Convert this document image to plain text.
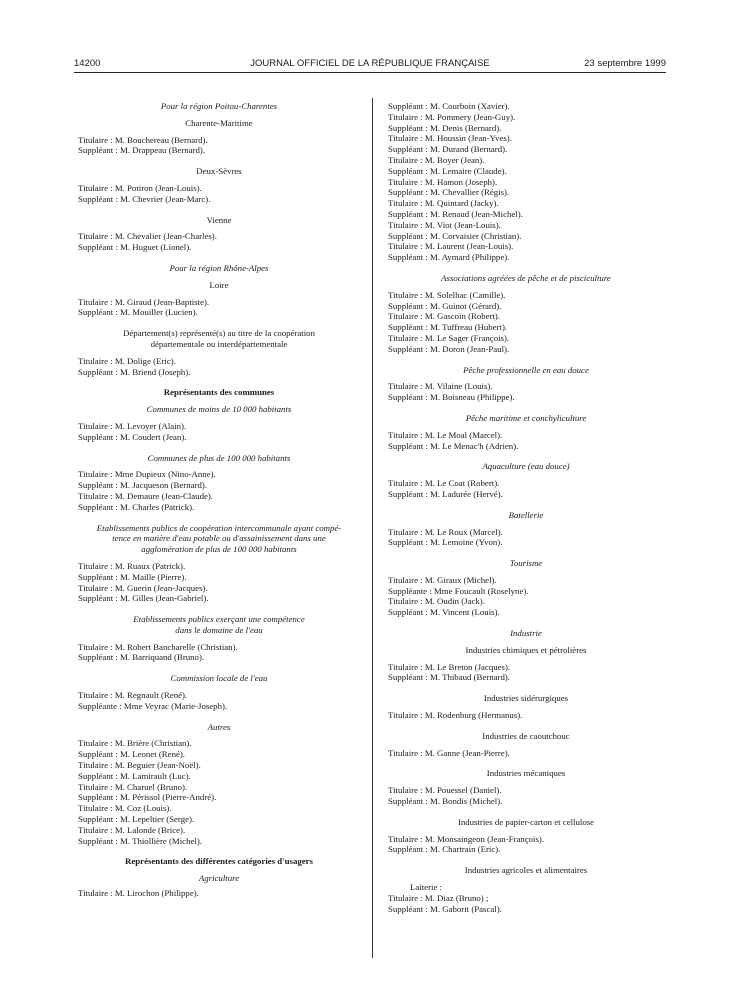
14200	JOURNAL OFFICIEL DE LA RÉPUBLIQUE FRANÇAISE	23 septembre 1999
Pour la région Poitou-Charentes
Charente-Maritime
Titulaire : M. Bouchereau (Bernard).
Suppléant : M. Drappeau (Bernard).
Deux-Sèvres
Titulaire : M. Potiron (Jean-Louis).
Suppléant : M. Chevrier (Jean-Marc).
Vienne
Titulaire : M. Chevalier (Jean-Charles).
Suppléant : M. Huguet (Lionel).
Pour la région Rhône-Alpes
Loire
Titulaire : M. Giraud (Jean-Baptiste).
Suppléant : M. Mouiller (Lucien).
Département(s) représenté(s) au titre de la coopération
départementale ou interdépartementale
Titulaire : M. Dolige (Eric).
Suppléant : M. Briend (Joseph).
Représentants des communes
Communes de moins de 10 000 habitants
Titulaire : M. Levoyer (Alain).
Suppléant : M. Coudert (Jean).
Communes de plus de 100 000 habitants
Titulaire : Mme Dupieux (Nino-Anne).
Suppléant : M. Jacqueson (Bernard).
Titulaire : M. Demaure (Jean-Claude).
Suppléant : M. Charles (Patrick).
Etablissements publics de coopération intercommunale ayant compé-
tence en matière d'eau potable ou d'assainissement dans une
agglomération de plus de 100 000 habitants
Titulaire : M. Ruaux (Patrick).
Suppléant : M. Maille (Pierre).
Titulaire : M. Guerin (Jean-Jacques).
Suppléant : M. Gilles (Jean-Gabriel).
Etablissements publics exerçant une compétence
dans le domaine de l'eau
Titulaire : M. Robert Bancharelle (Christian).
Suppléant : M. Barriquand (Bruno).
Commission locale de l'eau
Titulaire : M. Regnault (René).
Suppléante : Mme Veyrac (Marie-Joseph).
Autres
Titulaire : M. Brière (Christian).
Suppléant : M. Leonet (René).
Titulaire : M. Beguier (Jean-Noël).
Suppléant : M. Lamirault (Luc).
Titulaire : M. Charuel (Bruno).
Suppléant : M. Périssol (Pierre-André).
Titulaire : M. Coz (Louis).
Suppléant : M. Lepeltier (Serge).
Titulaire : M. Lalonde (Brice).
Suppléant : M. Thiollière (Michel).
Représentants des différentes catégories d'usagers
Agriculture
Titulaire : M. Lirochon (Philippe).
Suppléant : M. Courboin (Xavier).
Titulaire : M. Pommery (Jean-Guy).
Suppléant : M. Denis (Bernard).
Titulaire : M. Houssin (Jean-Yves).
Suppléant : M. Durand (Bernard).
Titulaire : M. Boyer (Jean).
Suppléant : M. Lemaire (Claude).
Titulaire : M. Hamon (Joseph).
Suppléant : M. Chevallier (Régis).
Titulaire : M. Quintard (Jacky).
Suppléant : M. Renaud (Jean-Michel).
Titulaire : M. Viot (Jean-Louis).
Suppléant : M. Corvaisier (Christian).
Titulaire : M. Laurent (Jean-Louis).
Suppléant : M. Aymard (Philippe).
Associations agréées de pêche et de pisciculture
Titulaire : M. Solelhac (Camille).
Suppléant : M. Guinot (Gérard).
Titulaire : M. Gascoin (Robert).
Suppléant : M. Tuffreau (Hubert).
Titulaire : M. Le Sager (François).
Suppléant : M. Doron (Jean-Paul).
Pêche professionnelle en eau douce
Titulaire : M. Vilaine (Louis).
Suppléant : M. Boisneau (Philippe).
Pêche maritime et conchyliculture
Titulaire : M. Le Moal (Marcel).
Suppléant : M. Le Menac'h (Adrien).
Aquaculture (eau douce)
Titulaire : M. Le Coat (Robert).
Suppléant : M. Ladurée (Hervé).
Batellerie
Titulaire : M. Le Roux (Marcel).
Suppléant : M. Lemoine (Yvon).
Tourisme
Titulaire : M. Giraux (Michel).
Suppléante : Mme Foucault (Roselyne).
Titulaire : M. Oudin (Jack).
Suppléant : M. Vincent (Louis).
Industrie
Industries chimiques et pétrolières
Titulaire : M. Le Breton (Jacques).
Suppléant : M. Thibaud (Bernard).
Industries sidérurgiques
Titulaire : M. Rodenburg (Hermanus).
Industries de caoutchouc
Titulaire : M. Ganne (Jean-Pierre).
Industries mécaniques
Titulaire : M. Pouessel (Daniel).
Suppléant : M. Bondis (Michel).
Industries de papier-carton et cellulose
Titulaire : M. Monsaingeon (Jean-François).
Suppléant : M. Chartrain (Eric).
Industries agricoles et alimentaires
Laiterie :
Titulaire : M. Diaz (Bruno) ;
Suppléant : M. Gaborit (Pascal).
